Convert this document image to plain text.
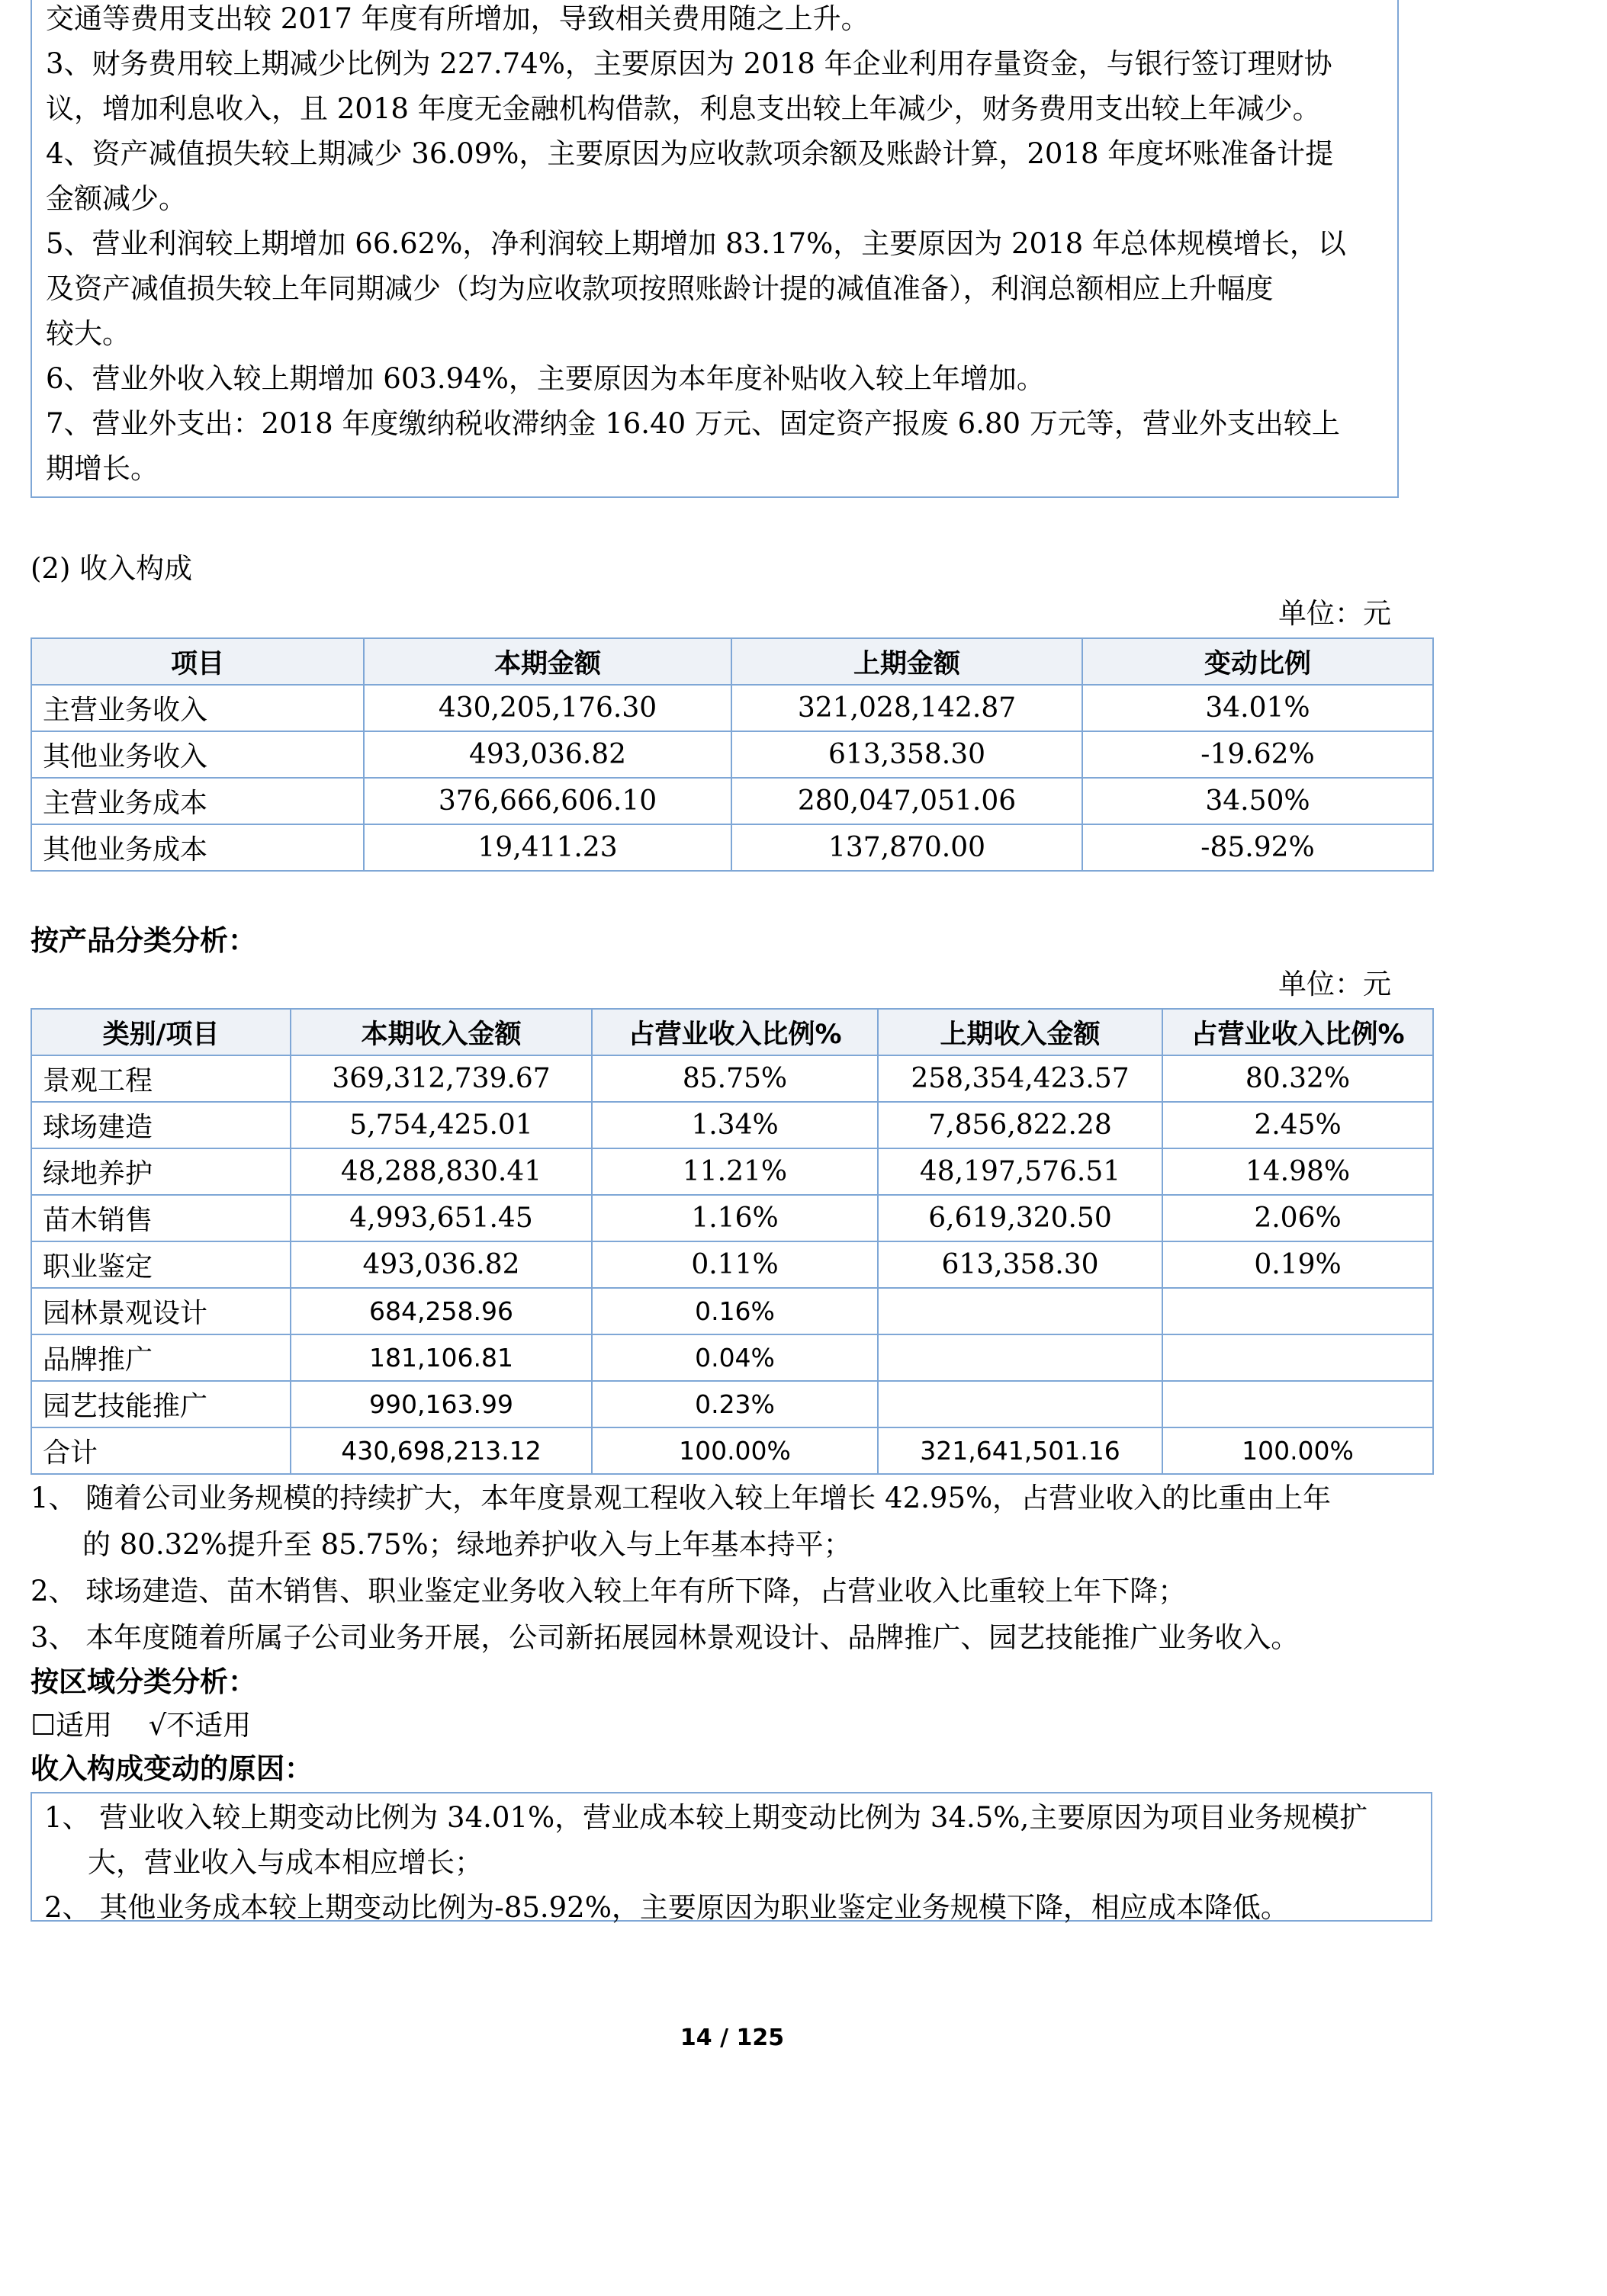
交通等费用支出较 2017 年度有所增加，导致相关费用随之上升。
3、财务费用较上期减少比例为 227.74%，主要原因为 2018 年企业利用存量资金，与银行签订理财协
议，增加利息收入，且 2018 年度无金融机构借款，利息支出较上年减少，财务费用支出较上年减少。
4、资产减值损失较上期减少 36.09%，主要原因为应收款项余额及账龄计算，2018 年度坏账准备计提
金额减少。
5、营业利润较上期增加 66.62%，净利润较上期增加 83.17%，主要原因为 2018 年总体规模增长，以
及资产减值损失较上年同期减少（均为应收款项按照账龄计提的减值准备），利润总额相应上升幅度
较大。
6、营业外收入较上期增加 603.94%，主要原因为本年度补贴收入较上年增加。
7、营业外支出：2018 年度缴纳税收滞纳金 16.40 万元、固定资产报废 6.80 万元等，营业外支出较上
期增长。
(2) 收入构成
单位：元
项目	本期金额	上期金额	变动比例
主营业务收入	430,205,176.30	321,028,142.87	34.01%
其他业务收入	493,036.82	613,358.30	-19.62%
主营业务成本	376,666,606.10	280,047,051.06	34.50%
其他业务成本	19,411.23	137,870.00	-85.92%
按产品分类分析：
单位：元
类别/项目	本期收入金额	占营业收入比例%	上期收入金额	占营业收入比例%
景观工程	369,312,739.67	85.75%	258,354,423.57	80.32%
球场建造	5,754,425.01	1.34%	7,856,822.28	2.45%
绿地养护	48,288,830.41	11.21%	48,197,576.51	14.98%
苗木销售	4,993,651.45	1.16%	6,619,320.50	2.06%
职业鉴定	493,036.82	0.11%	613,358.30	0.19%
园林景观设计	684,258.96	0.16%		
品牌推广	181,106.81	0.04%		
园艺技能推广	990,163.99	0.23%		
合计	430,698,213.12	100.00%	321,641,501.16	100.00%
1、 随着公司业务规模的持续扩大，本年度景观工程收入较上年增长 42.95%，占营业收入的比重由上年
的 80.32%提升至 85.75%；绿地养护收入与上年基本持平；
2、 球场建造、苗木销售、职业鉴定业务收入较上年有所下降，占营业收入比重较上年下降；
3、 本年度随着所属子公司业务开展，公司新拓展园林景观设计、品牌推广、园艺技能推广业务收入。
按区域分类分析：
☐适用 √不适用
收入构成变动的原因：
1、 营业收入较上期变动比例为 34.01%，营业成本较上期变动比例为 34.5%,主要原因为项目业务规模扩
大，营业收入与成本相应增长；
2、 其他业务成本较上期变动比例为-85.92%，主要原因为职业鉴定业务规模下降，相应成本降低。
14 / 125
